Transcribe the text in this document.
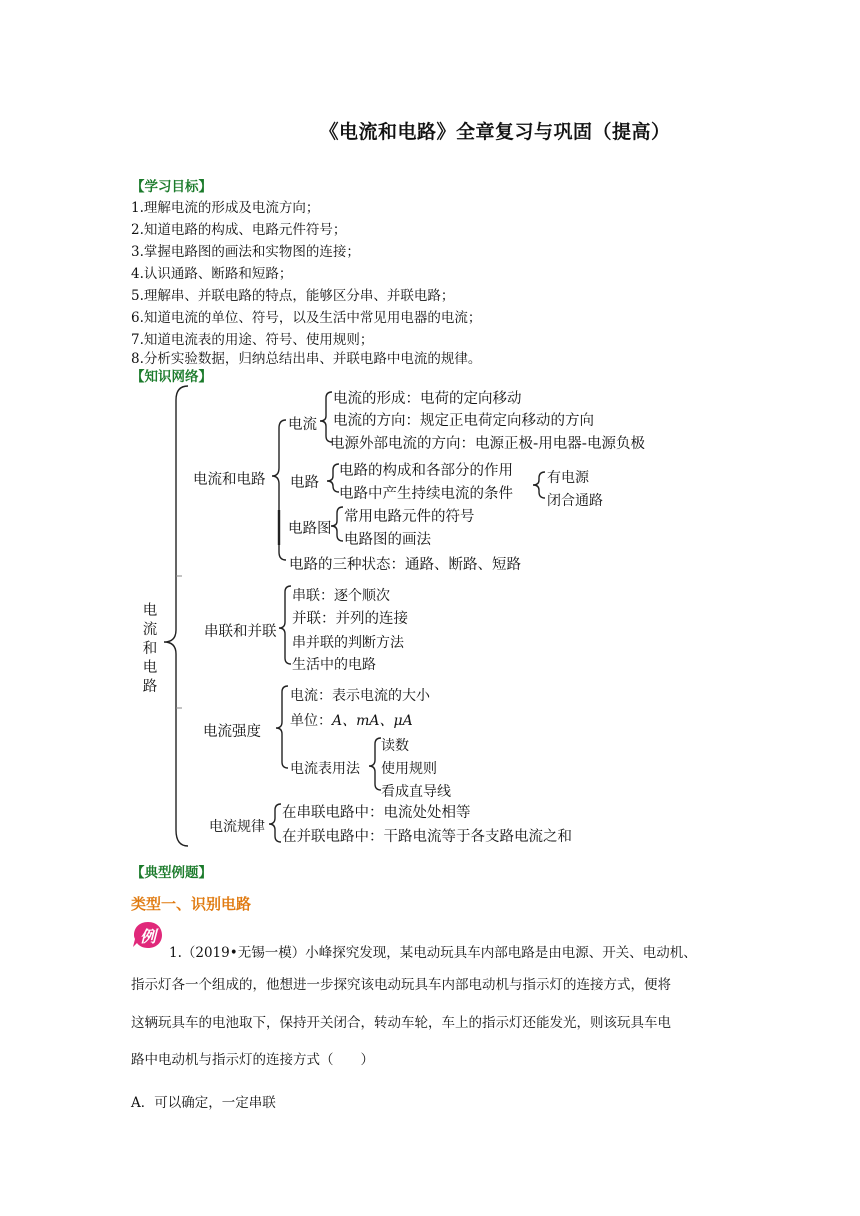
《电流和电路》全章复习与巩固（提高）
【学习目标】
1.理解电流的形成及电流方向；
2.知道电路的构成、电路元件符号；
3.掌握电路图的画法和实物图的连接；
4.认识通路、断路和短路；
5.理解串、并联电路的特点，能够区分串、并联电路；
6.知道电流的单位、符号，以及生活中常见用电器的电流；
7.知道电流表的用途、符号、使用规则；
8.分析实验数据，归纳总结出串、并联电路中电流的规律。
【知识网络】
电流和电路
电流和电路
电流
电流的形成：电荷的定向移动
电流的方向：规定正电荷定向移动的方向
电源外部电流的方向：电源正极-用电器-电源负极
电路
电路的构成和各部分的作用
电路中产生持续电流的条件
有电源
闭合通路
电路图
常用电路元件的符号
电路图的画法
电路的三种状态：通路、断路、短路
串联和并联
串联：逐个顺次
并联：并列的连接
串并联的判断方法
生活中的电路
电流强度
电流：表示电流的大小
单位：A、mA、μA
电流表用法
读数
使用规则
看成直导线
电流规律
在串联电路中：电流处处相等
在并联电路中：干路电流等于各支路电流之和
【典型例题】
类型一、识别电路
例
1.（2019•无锡一模）小峰探究发现，某电动玩具车内部电路是由电源、开关、电动机、
指示灯各一个组成的，他想进一步探究该电动玩具车内部电动机与指示灯的连接方式，便将
这辆玩具车的电池取下，保持开关闭合，转动车轮，车上的指示灯还能发光，则该玩具车电
路中电动机与指示灯的连接方式（　　）
A．可以确定，一定串联
